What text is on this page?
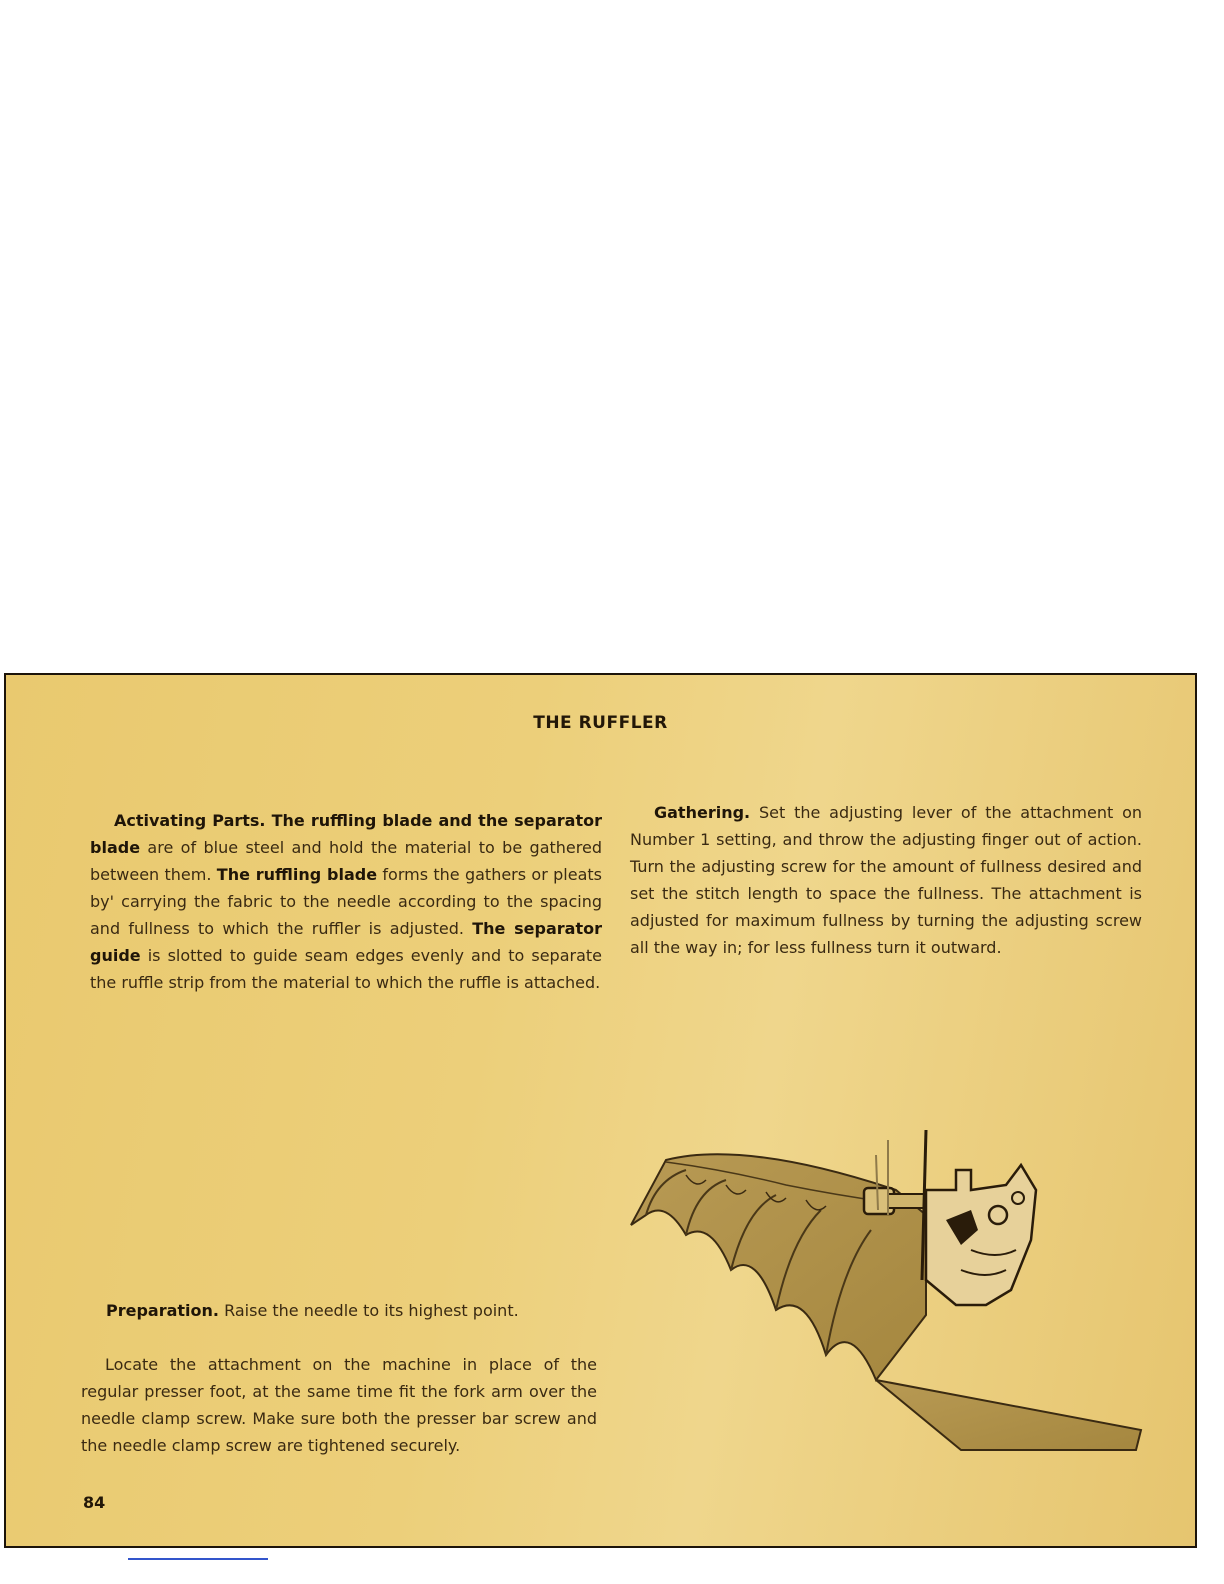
THE RUFFLER
Activating Parts. The ruffling blade and the separator blade are of blue steel and hold the material to be gathered between them. The ruffling blade forms the gathers or pleats by' carrying the fabric to the needle according to the spacing and fullness to which the ruffler is adjusted. The separator guide is slotted to guide seam edges evenly and to separate the ruffle strip from the material to which the ruffle is attached.
Gathering. Set the adjusting lever of the attachment on Number 1 setting, and throw the adjusting finger out of action. Turn the adjusting screw for the amount of fullness desired and set the stitch length to space the fullness. The attachment is adjusted for maximum fullness by turning the adjusting screw all the way in; for less fullness turn it outward.
Preparation. Raise the needle to its highest point.
Locate the attachment on the machine in place of the regular presser foot, at the same time fit the fork arm over the needle clamp screw. Make sure both the presser bar screw and the needle clamp screw are tightened securely.
84
